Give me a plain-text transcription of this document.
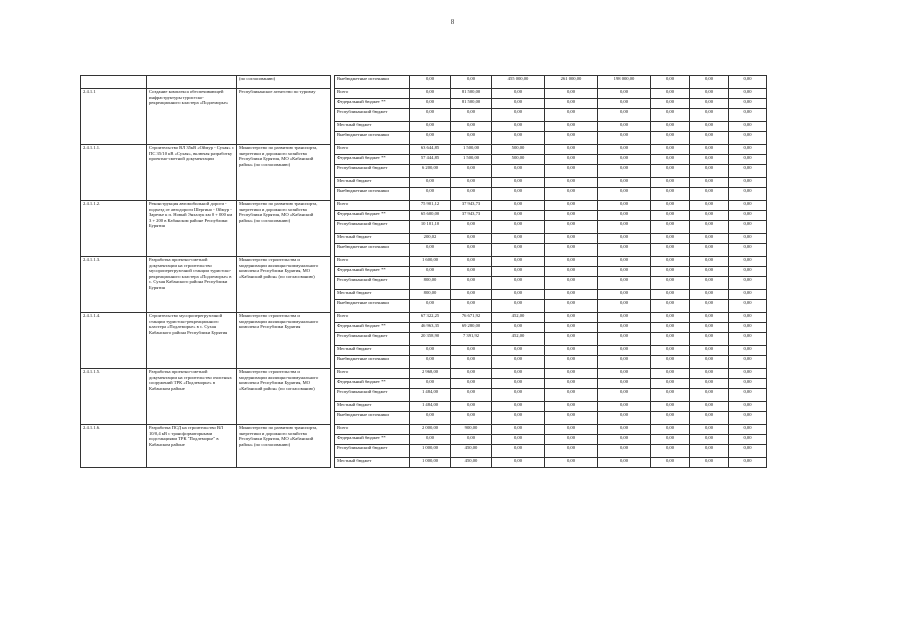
8
		(по согласованию)		Внебюджетные источники	0,00	0,00	455 000,00	261 000,00	198 000,00	0,00	0,00	0,00
2.4.1.1	Создание комплекса обеспечивающей инфраструктуры туристско-рекреационного кластера «Подлеморье»	Республиканское агентство по туризму		Всего	0,00	81 500,00	0,00	0,00	0,00	0,00	0,00	0,00
				Федеральный бюджет **	0,00	81 500,00	0,00	0,00	0,00	0,00	0,00	0,00
				Республиканский бюджет	0,00	0,00	0,00	0,00	0,00	0,00	0,00	0,00
				Местный бюджет	0,00	0,00	0,00	0,00	0,00	0,00	0,00	0,00
				Внебюджетные источники	0,00	0,00	0,00	0,00	0,00	0,00	0,00	0,00
2.4.1.1.1.	Строительство ВЛ 35кВ «Оймур - Сухая» с ПС 35/10 кВ «Сухая», включая разработку проектно-сметной документации	Министерство по развитию транспорта, энергетики и дорожного хозяйства Республики Бурятия, МО «Кабанский район» (по согласованию)		Всего	63 644,85	1 500,00	500,00	0,00	0,00	0,00	0,00	0,00
				Федеральный бюджет **	57 444,85	1 500,00	500,00	0,00	0,00	0,00	0,00	0,00
				Республиканский бюджет	6 200,00	0,00	0,00	0,00	0,00	0,00	0,00	0,00
				Местный бюджет	0,00	0,00	0,00	0,00	0,00	0,00	0,00	0,00
				Внебюджетные источники	0,00	0,00	0,00	0,00	0,00	0,00	0,00	0,00
2.4.1.1.2.	Реконструкция автомобильной дороги - подъезд от автодороги Шергино - Оймур - Заречье к п. Новый Энхалук км 0 + 000 км 3 + 200 в Кабанском районе Республики Бурятия	Министерство по развитию транспорта, энергетики и дорожного хозяйства Республики Бурятия, МО «Кабанский район» (по согласованию)		Всего	75 901,12	37 943,73	0,00	0,00	0,00	0,00	0,00	0,00
				Федеральный бюджет **	65 600,00	37 943,73	0,00	0,00	0,00	0,00	0,00	0,00
				Республиканский бюджет	10 101,10	0,00	0,00	0,00	0,00	0,00	0,00	0,00
				Местный бюджет	200,02	0,00	0,00	0,00	0,00	0,00	0,00	0,00
				Внебюджетные источники	0,00	0,00	0,00	0,00	0,00	0,00	0,00	0,00
2.4.1.1.3.	Разработка проектно-сметной документации на строительство мусороперегрузочной станции туристско-рекреационного кластера «Подлеморье» в с. Сухая Кабанского района Республики Бурятия	Министерство строительства и модернизации жилищно-коммунального комплекса Республики Бурятия, МО «Кабанский район» (по согласованию)		Всего	1 600,00	0,00	0,00	0,00	0,00	0,00	0,00	0,00
				Федеральный бюджет **	0,00	0,00	0,00	0,00	0,00	0,00	0,00	0,00
				Республиканский бюджет	800,00	0,00	0,00	0,00	0,00	0,00	0,00	0,00
				Местный бюджет	800,00	0,00	0,00	0,00	0,00	0,00	0,00	0,00
				Внебюджетные источники	0,00	0,00	0,00	0,00	0,00	0,00	0,00	0,00
2.4.1.1.4.	Строительство мусороперегрузочной станции туристско-рекреационного кластера «Подлеморье» в с. Сухая Кабанского района Республики Бурятия	Министерство строительства и модернизации жилищно-коммунального комплекса Республики Бурятия		Всего	67 322,25	76 671,92	452,00	0,00	0,00	0,00	0,00	0,00
				Федеральный бюджет **	46 963,35	69 280,00	0,00	0,00	0,00	0,00	0,00	0,00
				Республиканский бюджет	20 358,90	7 391,92	452,00	0,00	0,00	0,00	0,00	0,00
				Местный бюджет	0,00	0,00	0,00	0,00	0,00	0,00	0,00	0,00
				Внебюджетные источники	0,00	0,00	0,00	0,00	0,00	0,00	0,00	0,00
2.4.1.1.5.	Разработка проектно-сметной документации на строительство очистных сооружений ТРК «Подлеморье» в Кабанском районе	Министерство строительства и модернизации жилищно-коммунального комплекса Республики Бурятия, МО «Кабанский район» (по согласованию)		Всего	2 968,00	0,00	0,00	0,00	0,00	0,00	0,00	0,00
				Федеральный бюджет **	0,00	0,00	0,00	0,00	0,00	0,00	0,00	0,00
				Республиканский бюджет	1 484,00	0,00	0,00	0,00	0,00	0,00	0,00	0,00
				Местный бюджет	1 484,00	0,00	0,00	0,00	0,00	0,00	0,00	0,00
				Внебюджетные источники	0,00	0,00	0,00	0,00	0,00	0,00	0,00	0,00
2.4.1.1.6.	Разработка ПСД на строительство ВЛ 10/0,4 кВ с трансформаторными подстанциями ТРК "Подлеморье" в Кабанском районе	Министерство по развитию транспорта, энергетики и дорожного хозяйства Республики Бурятия, МО «Кабанский район» (по согласованию)		Всего	2 000,00	900,00	0,00	0,00	0,00	0,00	0,00	0,00
				Федеральный бюджет **	0,00	0,00	0,00	0,00	0,00	0,00	0,00	0,00
				Республиканский бюджет	1 000,00	450,00	0,00	0,00	0,00	0,00	0,00	0,00
				Местный бюджет	1 000,00	450,00	0,00	0,00	0,00	0,00	0,00	0,00
